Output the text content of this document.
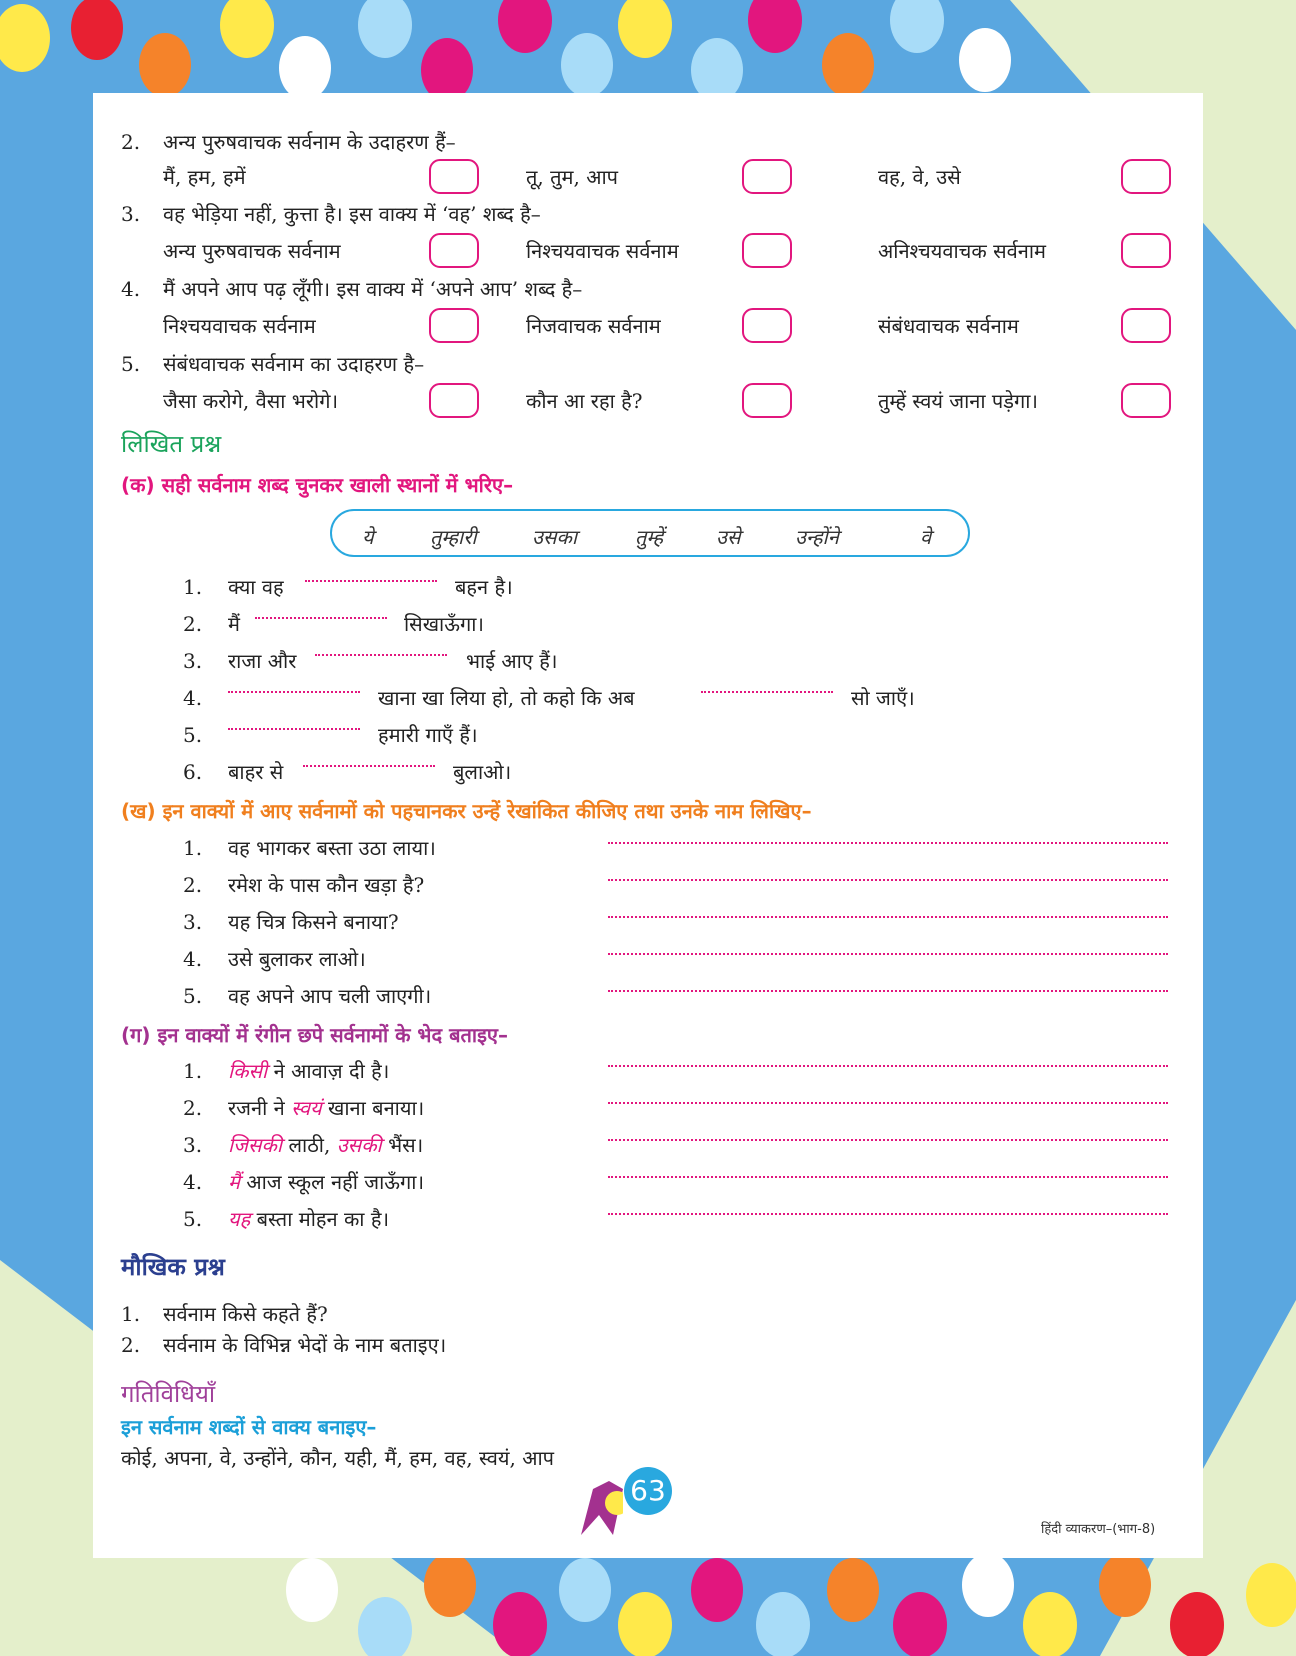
2. अन्य पुरुषवाचक सर्वनाम के उदाहरण हैं–
मैं, हम, हमें	तू, तुम, आप	वह, वे, उसे
3. वह भेड़िया नहीं, कुत्ता है। इस वाक्य में ‘वह’ शब्द है–
अन्य पुरुषवाचक सर्वनाम	निश्चयवाचक सर्वनाम	अनिश्चयवाचक सर्वनाम
4. मैं अपने आप पढ़ लूँगी। इस वाक्य में ‘अपने आप’ शब्द है–
निश्चयवाचक सर्वनाम	निजवाचक सर्वनाम	संबंधवाचक सर्वनाम
5. संबंधवाचक सर्वनाम का उदाहरण है–
जैसा करोगे, वैसा भरोगे।	कौन आ रहा है?	तुम्हें स्वयं जाना पड़ेगा।
लिखित प्रश्न
(क) सही सर्वनाम शब्द चुनकर खाली स्थानों में भरिए–
ये	तुम्हारी	उसका	तुम्हें	उसे	उन्होंने	वे
1. क्या वह	बहन है।
2. मैं	सिखाऊँगा।
3. राजा और	भाई आए हैं।
4.	खाना खा लिया हो, तो कहो कि अब	सो जाएँ।
5.	हमारी गाएँ हैं।
6. बाहर से	बुलाओ।
(ख) इन वाक्यों में आए सर्वनामों को पहचानकर उन्हें रेखांकित कीजिए तथा उनके नाम लिखिए–
1. वह भागकर बस्ता उठा लाया।
2. रमेश के पास कौन खड़ा है?
3. यह चित्र किसने बनाया?
4. उसे बुलाकर लाओ।
5. वह अपने आप चली जाएगी।
(ग) इन वाक्यों में रंगीन छपे सर्वनामों के भेद बताइए–
1. किसी ने आवाज़ दी है।
2. रजनी ने स्वयं खाना बनाया।
3. जिसकी लाठी, उसकी भैंस।
4. मैं आज स्कूल नहीं जाऊँगा।
5. यह बस्ता मोहन का है।
मौखिक प्रश्न
1. सर्वनाम किसे कहते हैं?
2. सर्वनाम के विभिन्न भेदों के नाम बताइए।
गतिविधियाँ
इन सर्वनाम शब्दों से वाक्य बनाइए–
कोई, अपना, वे, उन्होंने, कौन, यही, मैं, हम, वह, स्वयं, आप
63
हिंदी व्याकरण–(भाग-8)
